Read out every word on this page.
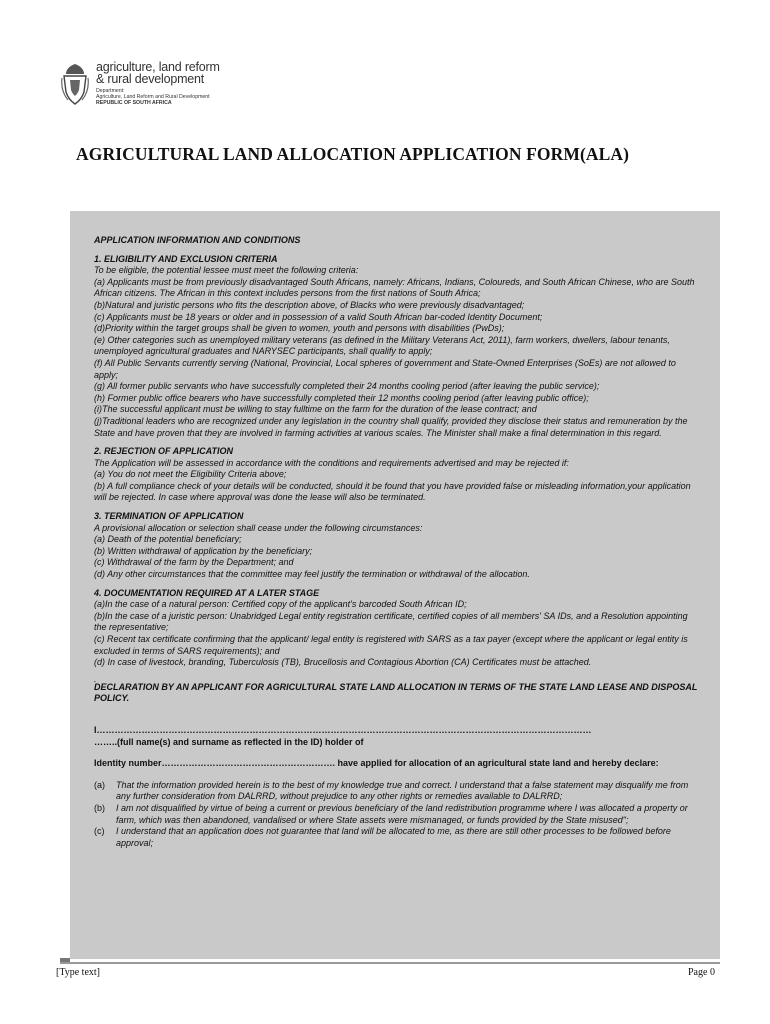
agriculture, land reform
& rural development
Department:
Agriculture, Land Reform and Rural Development
REPUBLIC OF SOUTH AFRICA
AGRICULTURAL LAND ALLOCATION APPLICATION FORM(ALA)

APPLICATION INFORMATION AND CONDITIONS

1. ELIGIBILITY AND EXCLUSION CRITERIA

To be eligible, the potential lessee must meet the following criteria:

(a) Applicants must be from previously disadvantaged South Africans, namely: Africans, Indians, Coloureds, and South African Chinese, who are South African citizens. The African in this context includes persons from the first nations of South Africa;

(b)Natural and juristic persons who fits the description above, of Blacks who were previously disadvantaged;

(c) Applicants must be 18 years or older and in possession of a valid South African bar-coded Identity Document;

(d)Priority within the target groups shall be given to women, youth and persons with disabilities (PwDs);

(e) Other categories such as unemployed military veterans (as defined in the Military Veterans Act, 2011), farm workers, dwellers, labour tenants, unemployed agricultural graduates and NARYSEC participants, shall qualify to apply;

(f) All Public Servants currently serving (National, Provincial, Local spheres of government and State-Owned Enterprises (SoEs) are not allowed to apply;

(g) All former public servants who have successfully completed their 24 months cooling period (after leaving the public service);

(h) Former public office bearers who have successfully completed their 12 months cooling period (after leaving public office);

(i)The successful applicant must be willing to stay fulltime on the farm for the duration of the lease contract; and

(j)Traditional leaders who are recognized under any legislation in the country shall qualify, provided they disclose their status and remuneration by the State and have proven that they are involved in farming activities at various scales. The Minister shall make a final determination in this regard.

2. REJECTION OF APPLICATION

The Application will be assessed in accordance with the conditions and requirements advertised and may be rejected if:

(a) You do not meet the Eligibility Criteria above;

(b) A full compliance check of your details will be conducted, should it be found that you have provided false or misleading information,your application will be rejected. In case where approval was done the lease will also be terminated.

3. TERMINATION OF APPLICATION

A provisional allocation or selection shall cease under the following circumstances:

(a) Death of the potential beneficiary;

(b) Written withdrawal of application by the beneficiary;

(c) Withdrawal of the farm by the Department; and

(d) Any other circumstances that the committee may feel justify the termination or withdrawal of the allocation.

4. DOCUMENTATION REQUIRED AT A LATER STAGE

(a)In the case of a natural person: Certified copy of the applicant's barcoded South African ID;

(b)In the case of a juristic person: Unabridged Legal entity registration certificate, certified copies of all members' SA IDs, and a Resolution appointing the representative;

(c) Recent tax certificate confirming that the applicant/ legal entity is registered with SARS as a tax payer (except where the applicant or legal entity is excluded in terms of SARS requirements); and

(d) In case of livestock, branding, Tuberculosis (TB), Brucellosis and Contagious Abortion (CA) Certificates must be attached.

.

DECLARATION BY AN APPLICANT FOR AGRICULTURAL STATE LAND ALLOCATION IN TERMS OF THE STATE LAND LEASE AND DISPOSAL POLICY.

I…………………………………………………………………………………………………………………………………………………

……..(full name(s) and surname as reflected in the ID) holder of

Identity number…………………………………………………. have applied for allocation of an agricultural state land and hereby declare:

(a)	That the information provided herein is to the best of my knowledge true and correct. I understand that a false statement may disqualify me from any further consideration from DALRRD, without prejudice to any other rights or remedies available to DALRRD;
(b)	I am not disqualified by virtue of being a current or previous beneficiary of the land redistribution programme where I was allocated a property or farm, which was then abandoned, vandalised or where State assets were mismanaged, or funds provided by the State misused";
(c)	I understand that an application does not guarantee that land will be allocated to me, as there are still other processes to be followed before approval;
[Type text]	Page 0
